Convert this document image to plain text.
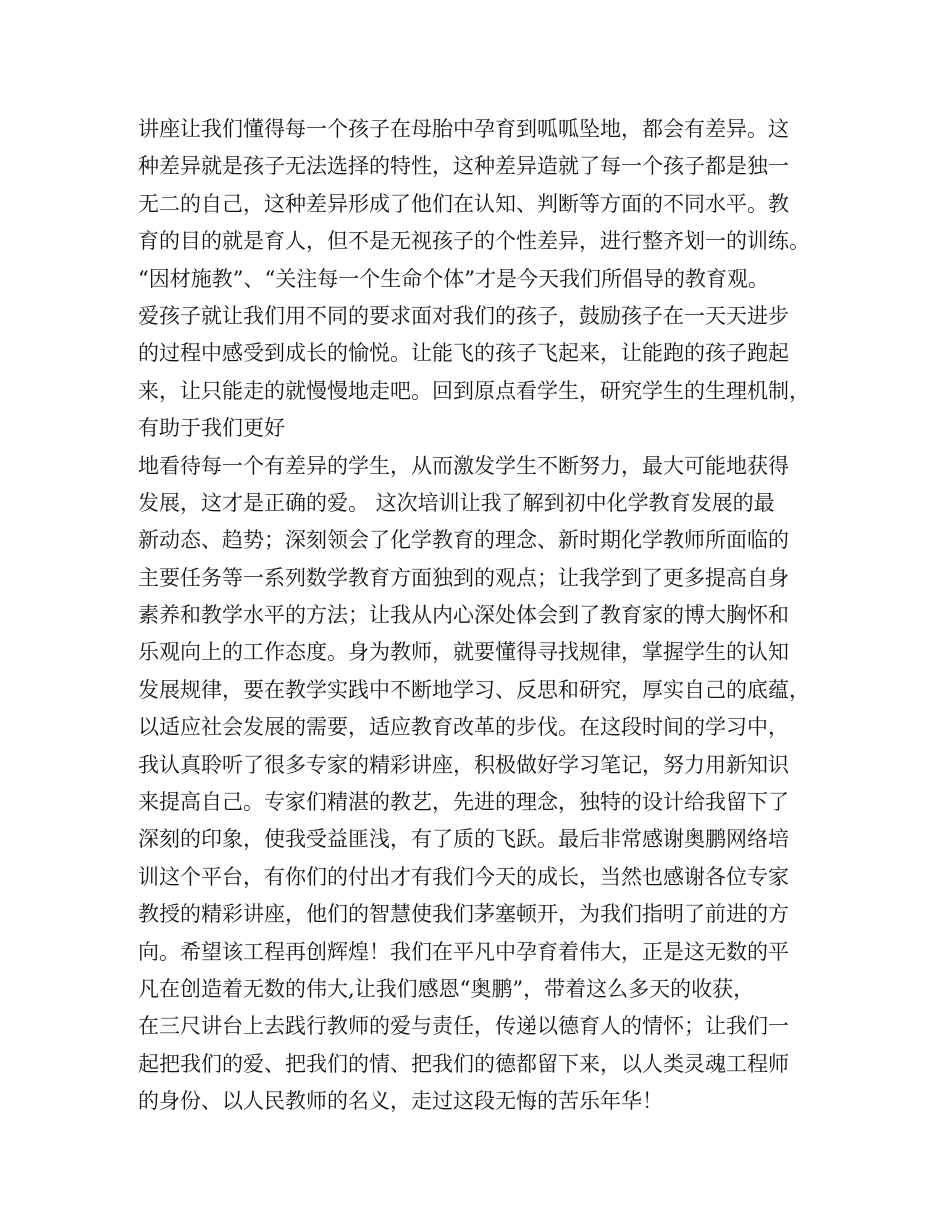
讲座让我们懂得每一个孩子在母胎中孕育到呱呱坠地，都会有差异。这
种差异就是孩子无法选择的特性，这种差异造就了每一个孩子都是独一
无二的自己，这种差异形成了他们在认知、判断等方面的不同水平。教
育的目的就是育人，但不是无视孩子的个性差异，进行整齐划一的训练。
“因材施教”、“关注每一个生命个体”才是今天我们所倡导的教育观。
爱孩子就让我们用不同的要求面对我们的孩子，鼓励孩子在一天天进步
的过程中感受到成长的愉悦。让能飞的孩子飞起来，让能跑的孩子跑起
来，让只能走的就慢慢地走吧。回到原点看学生，研究学生的生理机制，
有助于我们更好
地看待每一个有差异的学生，从而激发学生不断努力，最大可能地获得
发展，这才是正确的爱。 这次培训让我了解到初中化学教育发展的最
新动态、趋势；深刻领会了化学教育的理念、新时期化学教师所面临的
主要任务等一系列数学教育方面独到的观点；让我学到了更多提高自身
素养和教学水平的方法；让我从内心深处体会到了教育家的博大胸怀和
乐观向上的工作态度。身为教师，就要懂得寻找规律，掌握学生的认知
发展规律，要在教学实践中不断地学习、反思和研究，厚实自己的底蕴，
以适应社会发展的需要，适应教育改革的步伐。在这段时间的学习中，
我认真聆听了很多专家的精彩讲座，积极做好学习笔记，努力用新知识
来提高自己。专家们精湛的教艺，先进的理念，独特的设计给我留下了
深刻的印象，使我受益匪浅，有了质的飞跃。最后非常感谢奥鹏网络培
训这个平台，有你们的付出才有我们今天的成长，当然也感谢各位专家
教授的精彩讲座，他们的智慧使我们茅塞顿开，为我们指明了前进的方
向。希望该工程再创辉煌！我们在平凡中孕育着伟大，正是这无数的平
凡在创造着无数的伟大,让我们感恩“奥鹏”，带着这么多天的收获，
在三尺讲台上去践行教师的爱与责任，传递以德育人的情怀；让我们一
起把我们的爱、把我们的情、把我们的德都留下来，以人类灵魂工程师
的身份、以人民教师的名义，走过这段无悔的苦乐年华！
